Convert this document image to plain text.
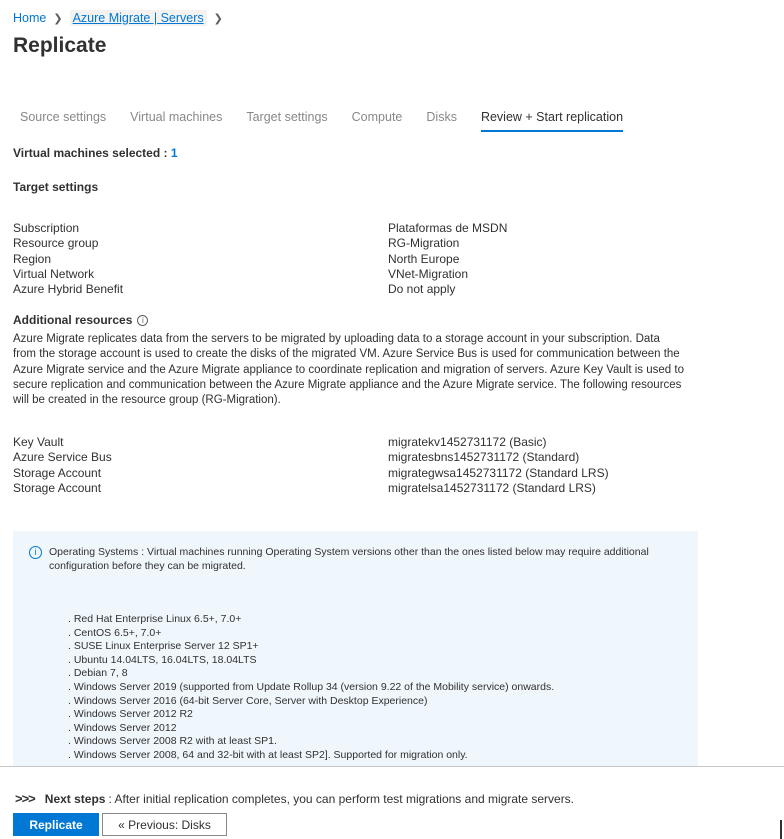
Home ❯ Azure Migrate | Servers ❯
Replicate
Source settings Virtual machines Target settings Compute Disks Review + Start replication
Virtual machines selected : 1
Target settings
Subscription	Plataformas de MSDN
Resource group	RG-Migration
Region	North Europe
Virtual Network	VNet-Migration
Azure Hybrid Benefit	Do not apply
Additional resources i

Azure Migrate replicates data from the servers to be migrated by uploading data to a storage account in your subscription. Data from the storage account is used to create the disks of the migrated VM. Azure Service Bus is used for communication between the Azure Migrate service and the Azure Migrate appliance to coordinate replication and migration of servers. Azure Key Vault is used to secure replication and communication between the Azure Migrate appliance and the Azure Migrate service. The following resources will be created in the resource group (RG-Migration).

Key Vault	migratekv1452731172 (Basic)
Azure Service Bus	migratesbns1452731172 (Standard)
Storage Account	migrategwsa1452731172 (Standard LRS)
Storage Account	migratelsa1452731172 (Standard LRS)
i	Operating Systems : Virtual machines running Operating System versions other than the ones listed below may require additional configuration before they can be migrated.
. Red Hat Enterprise Linux 6.5+, 7.0+
. CentOS 6.5+, 7.0+
. SUSE Linux Enterprise Server 12 SP1+
. Ubuntu 14.04LTS, 16.04LTS, 18.04LTS
. Debian 7, 8
. Windows Server 2019 (supported from Update Rollup 34 (version 9.22 of the Mobility service) onwards.
. Windows Server 2016 (64-bit Server Core, Server with Desktop Experience)
. Windows Server 2012 R2
. Windows Server 2012
. Windows Server 2008 R2 with at least SP1.
. Windows Server 2008, 64 and 32-bit with at least SP2]. Supported for migration only.
>>> Next steps : After initial replication completes, you can perform test migrations and migrate servers.
Replicate	« Previous: Disks
